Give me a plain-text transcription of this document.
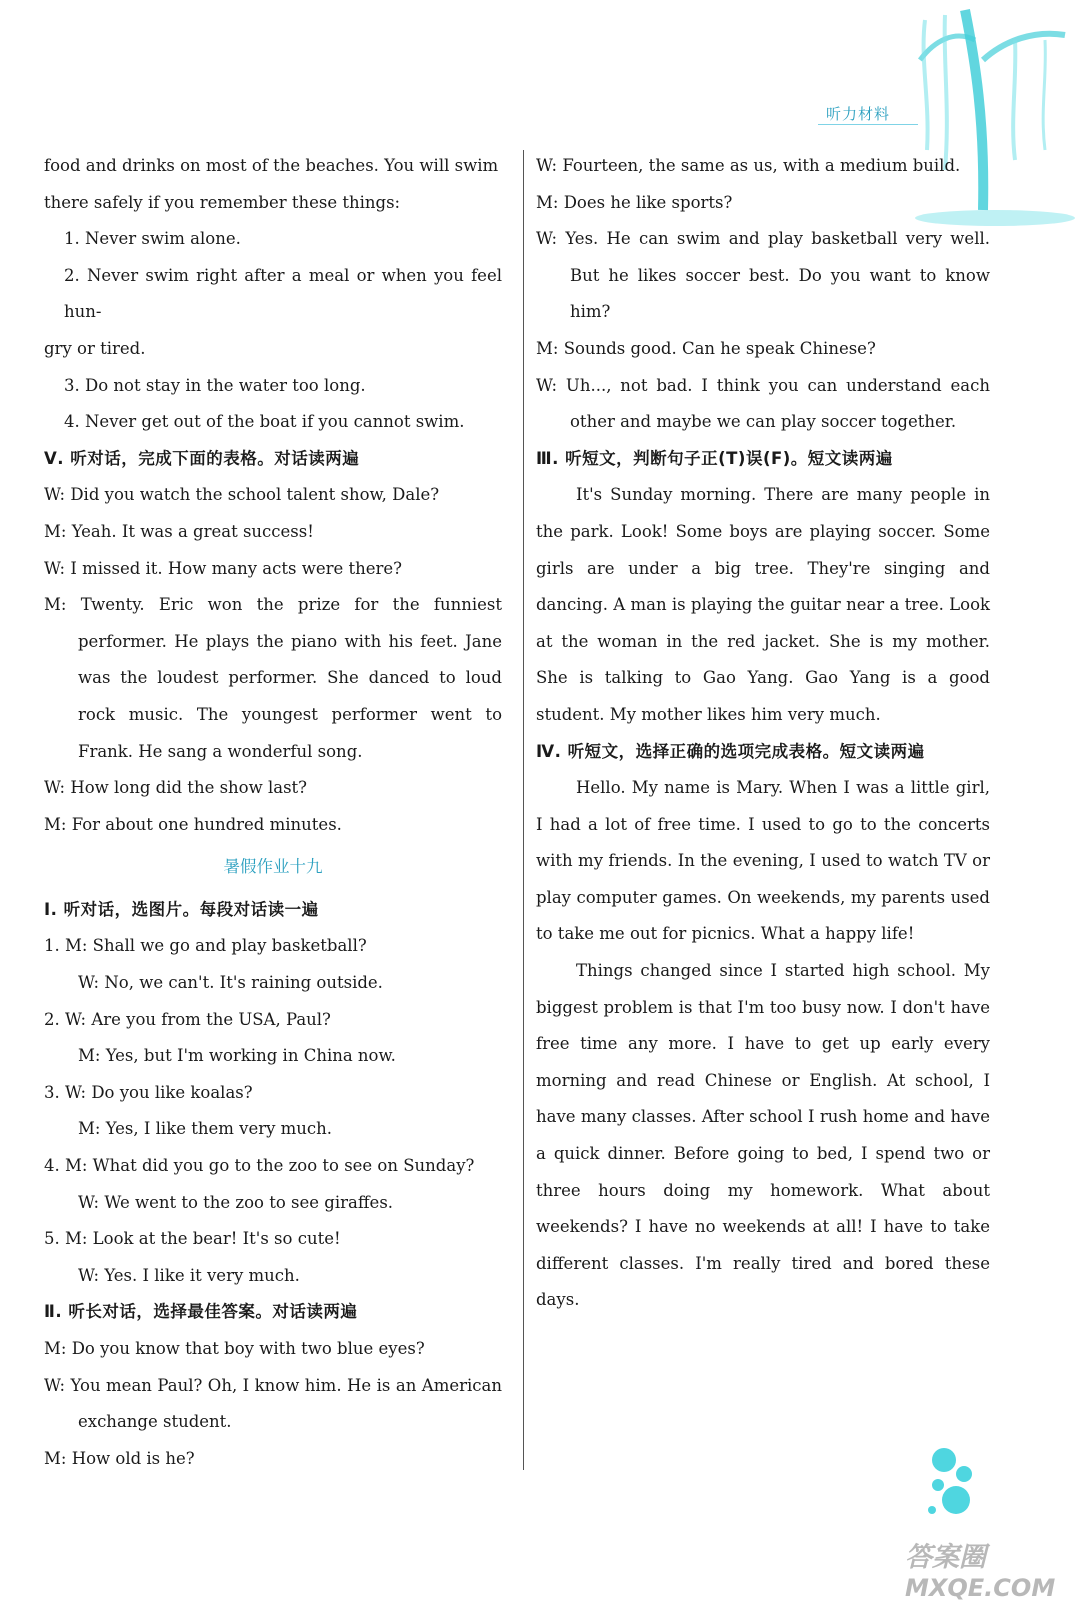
听力材料
food and drinks on most of the beaches. You will swim
there safely if you remember these things:
1. Never swim alone.
2. Never swim right after a meal or when you feel hun-
gry or tired.
3. Do not stay in the water too long.
4. Never get out of the boat if you cannot swim.
Ⅴ. 听对话，完成下面的表格。对话读两遍
W: Did you watch the school talent show, Dale?
M: Yeah. It was a great success!
W: I missed it. How many acts were there?
M: Twenty. Eric won the prize for the funniest performer. He plays the piano with his feet. Jane was the loudest performer. She danced to loud rock music. The youngest performer went to Frank. He sang a wonderful song.
W: How long did the show last?
M: For about one hundred minutes.
暑假作业十九
Ⅰ. 听对话，选图片。每段对话读一遍
1. M: Shall we go and play basketball?
W: No, we can't. It's raining outside.
2. W: Are you from the USA, Paul?
M: Yes, but I'm working in China now.
3. W: Do you like koalas?
M: Yes, I like them very much.
4. M: What did you go to the zoo to see on Sunday?
W: We went to the zoo to see giraffes.
5. M: Look at the bear! It's so cute!
W: Yes. I like it very much.
Ⅱ. 听长对话，选择最佳答案。对话读两遍
M: Do you know that boy with two blue eyes?
W: You mean Paul? Oh, I know him. He is an American exchange student.
M: How old is he?
W: Fourteen, the same as us, with a medium build.
M: Does he like sports?
W: Yes. He can swim and play basketball very well. But he likes soccer best. Do you want to know him?
M: Sounds good. Can he speak Chinese?
W: Uh..., not bad. I think you can understand each other and maybe we can play soccer together.
Ⅲ. 听短文，判断句子正(T)误(F)。短文读两遍
It's Sunday morning. There are many people in the park. Look! Some boys are playing soccer. Some girls are under a big tree. They're singing and dancing. A man is playing the guitar near a tree. Look at the woman in the red jacket. She is my mother. She is talking to Gao Yang. Gao Yang is a good student. My mother likes him very much.
Ⅳ. 听短文，选择正确的选项完成表格。短文读两遍
Hello. My name is Mary. When I was a little girl, I had a lot of free time. I used to go to the concerts with my friends. In the evening, I used to watch TV or play computer games. On weekends, my parents used to take me out for picnics. What a happy life!
Things changed since I started high school. My biggest problem is that I'm too busy now. I don't have free time any more. I have to get up early every morning and read Chinese or English. At school, I have many classes. After school I rush home and have a quick dinner. Before going to bed, I spend two or three hours doing my homework. What about weekends? I have no weekends at all! I have to take different classes. I'm really tired and bored these days.
答案圈
MXQE.COM
